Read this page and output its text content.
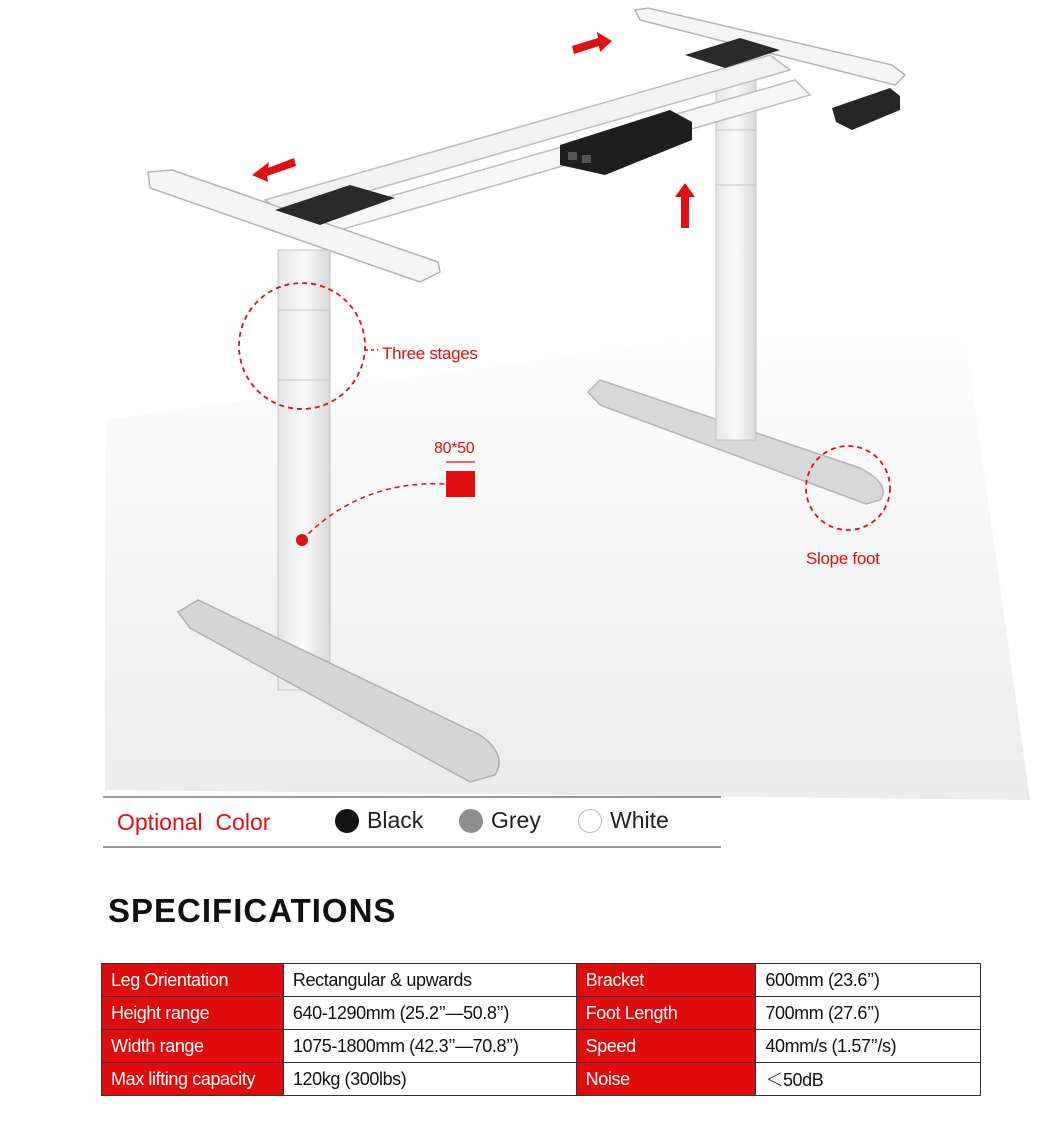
Three stages
80*50
Slope foot
Optional  Color	Black	Grey	White
SPECIFICATIONS
Leg Orientation	Rectangular & upwards	Bracket	600mm (23.6’’)
Height range	640-1290mm (25.2’’—50.8’’)	Foot Length	700mm (27.6’’)
Width range	1075-1800mm (42.3’’—70.8’’)	Speed	40mm/s (1.57’’/s)
Max lifting capacity	120kg (300lbs)	Noise	＜50dB
